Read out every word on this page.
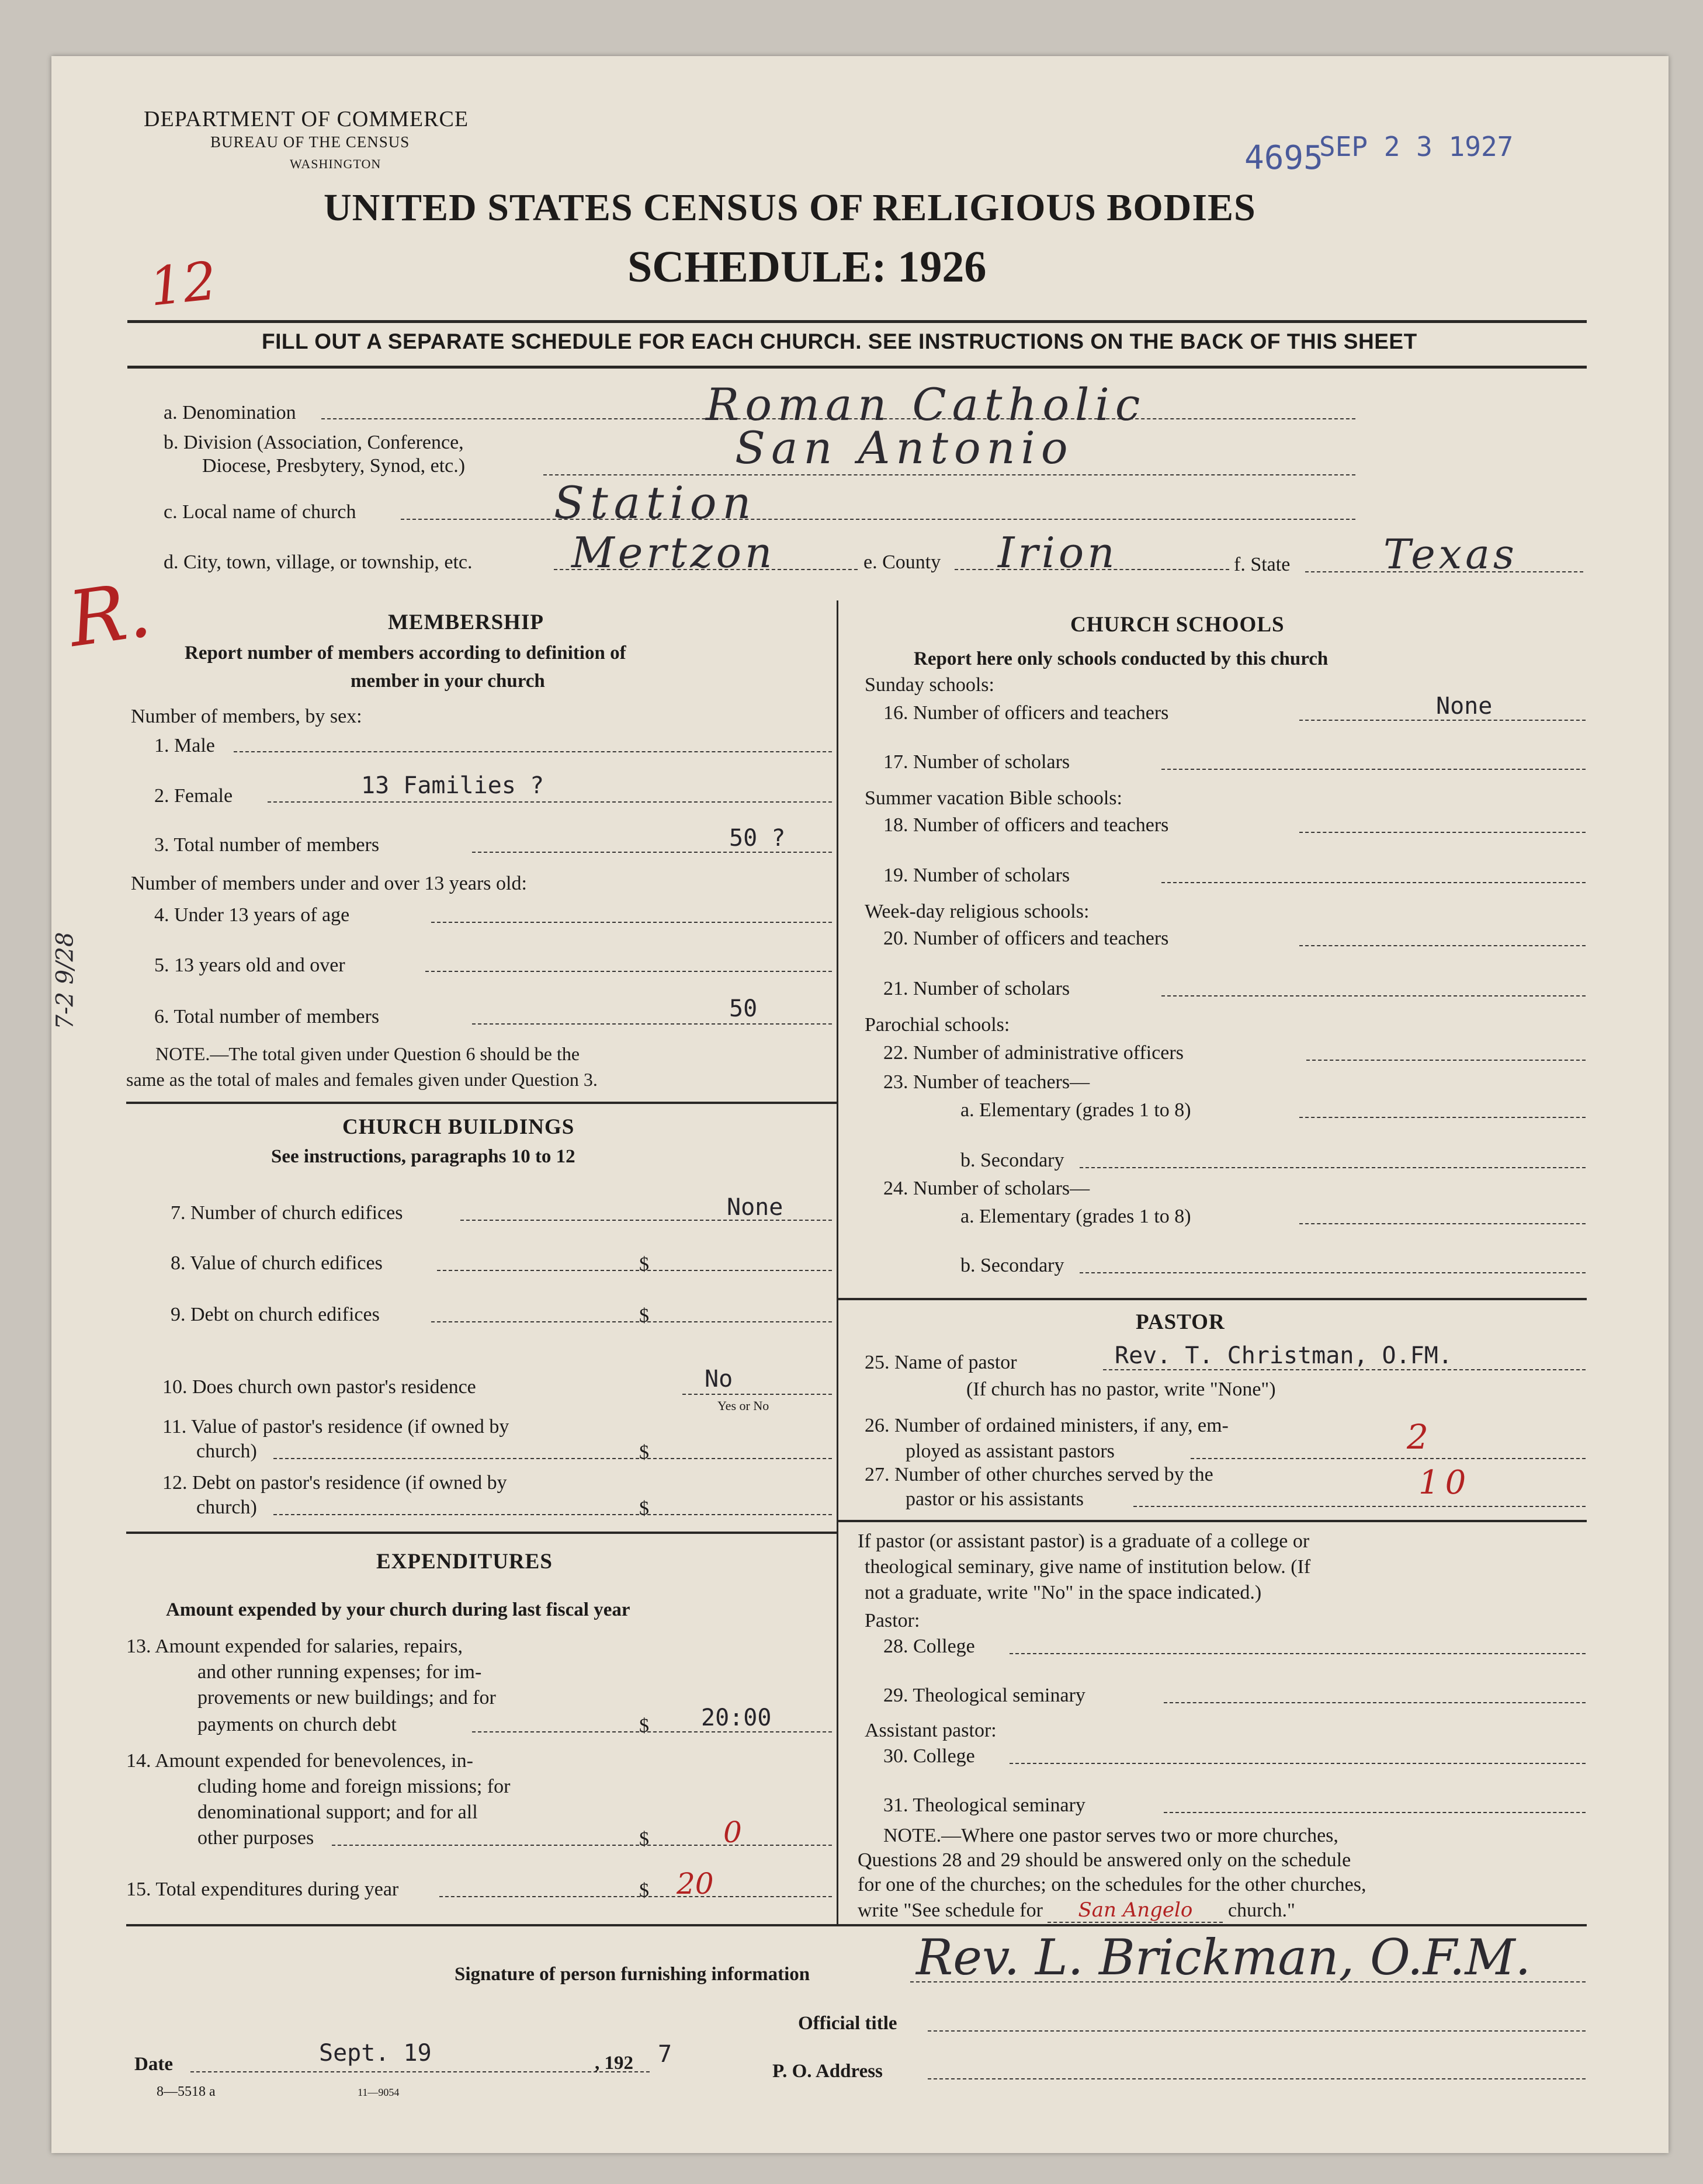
DEPARTMENT OF COMMERCE
BUREAU OF THE CENSUS
WASHINGTON	4695
SEP 2 3 1927
UNITED STATES CENSUS OF RELIGIOUS BODIES
SCHEDULE: 1926
12
FILL OUT A SEPARATE SCHEDULE FOR EACH CHURCH. SEE INSTRUCTIONS ON THE BACK OF THIS SHEET
a. Denomination	Roman Catholic
b. Division (Association, Conference,
Diocese, Presbytery, Synod, etc.)	San Antonio
c. Local name of church	Station
d. City, town, village, or township, etc. Mertzon	e. County Irion	f. State Texas
R.
7-2 9/28
MEMBERSHIP
Report number of members according to definition of
member in your church
Number of members, by sex:
1. Male
2. Female	13 Families ?
3. Total number of members	50 ?
Number of members under and over 13 years old:
4. Under 13 years of age
5. 13 years old and over
6. Total number of members	50
NOTE.—The total given under Question 6 should be the
same as the total of males and females given under Question 3.
CHURCH BUILDINGS
See instructions, paragraphs 10 to 12
7. Number of church edifices	None
8. Value of church edifices	$
9. Debt on church edifices	$
10. Does church own pastor's residence	No
Yes or No
11. Value of pastor's residence (if owned by
church)	$
12. Debt on pastor's residence (if owned by
church)	$
EXPENDITURES
Amount expended by your church during last fiscal year
13. Amount expended for salaries, repairs,
and other running expenses; for im-
provements or new buildings; and for
payments on church debt	$ 20:00
14. Amount expended for benevolences, in-
cluding home and foreign missions; for
denominational support; and for all
other purposes	$	0
15. Total expenditures during year	$ 20
CHURCH SCHOOLS
Report here only schools conducted by this church
Sunday schools:
16. Number of officers and teachers	None
17. Number of scholars
Summer vacation Bible schools:
18. Number of officers and teachers
19. Number of scholars
Week-day religious schools:
20. Number of officers and teachers
21. Number of scholars
Parochial schools:
22. Number of administrative officers
23. Number of teachers—
a. Elementary (grades 1 to 8)
b. Secondary
24. Number of scholars—
a. Elementary (grades 1 to 8)
b. Secondary
PASTOR
25. Name of pastor	Rev. T. Christman, O.FM.
(If church has no pastor, write "None")
26. Number of ordained ministers, if any, em-
ployed as assistant pastors	2
27. Number of other churches served by the
pastor or his assistants	10
If pastor (or assistant pastor) is a graduate of a college or
theological seminary, give name of institution below. (If
not a graduate, write "No" in the space indicated.)
Pastor:
28. College
29. Theological seminary
Assistant pastor:
30. College
31. Theological seminary
NOTE.—Where one pastor serves two or more churches,
Questions 28 and 29 should be answered only on the schedule
for one of the churches; on the schedules for the other churches,
write "See schedule for San Angelo church."
Signature of person furnishing information Rev. L. Brickman, O.F.M.
Official title
Date	Sept. 19	, 192 7
P. O. Address
8—5518 a	11—9054
